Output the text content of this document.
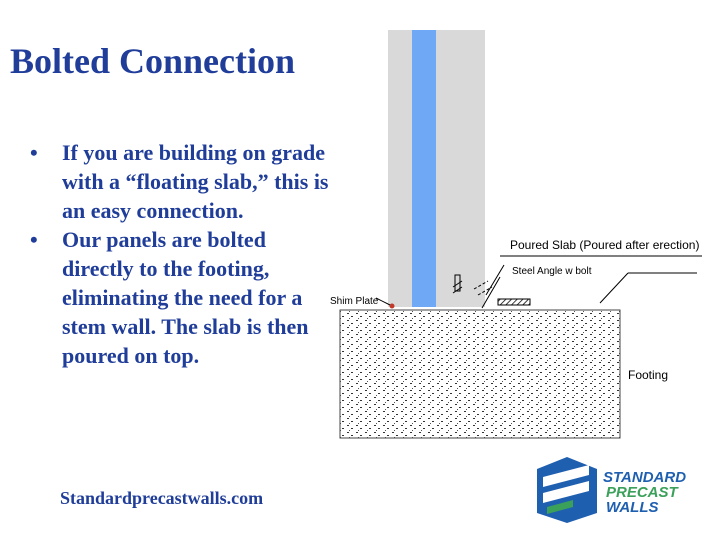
Bolted Connection
• If you are building on grade with a “floating slab,” this is an easy connection.
• Our panels are bolted directly to the footing, eliminating the need for a stem wall. The slab is then poured on top.
Standardprecastwalls.com
Poured Slab (Poured after erection)
Steel Angle w bolt
Shim Plate
Footing
STANDARD
PRECAST
WALLS
